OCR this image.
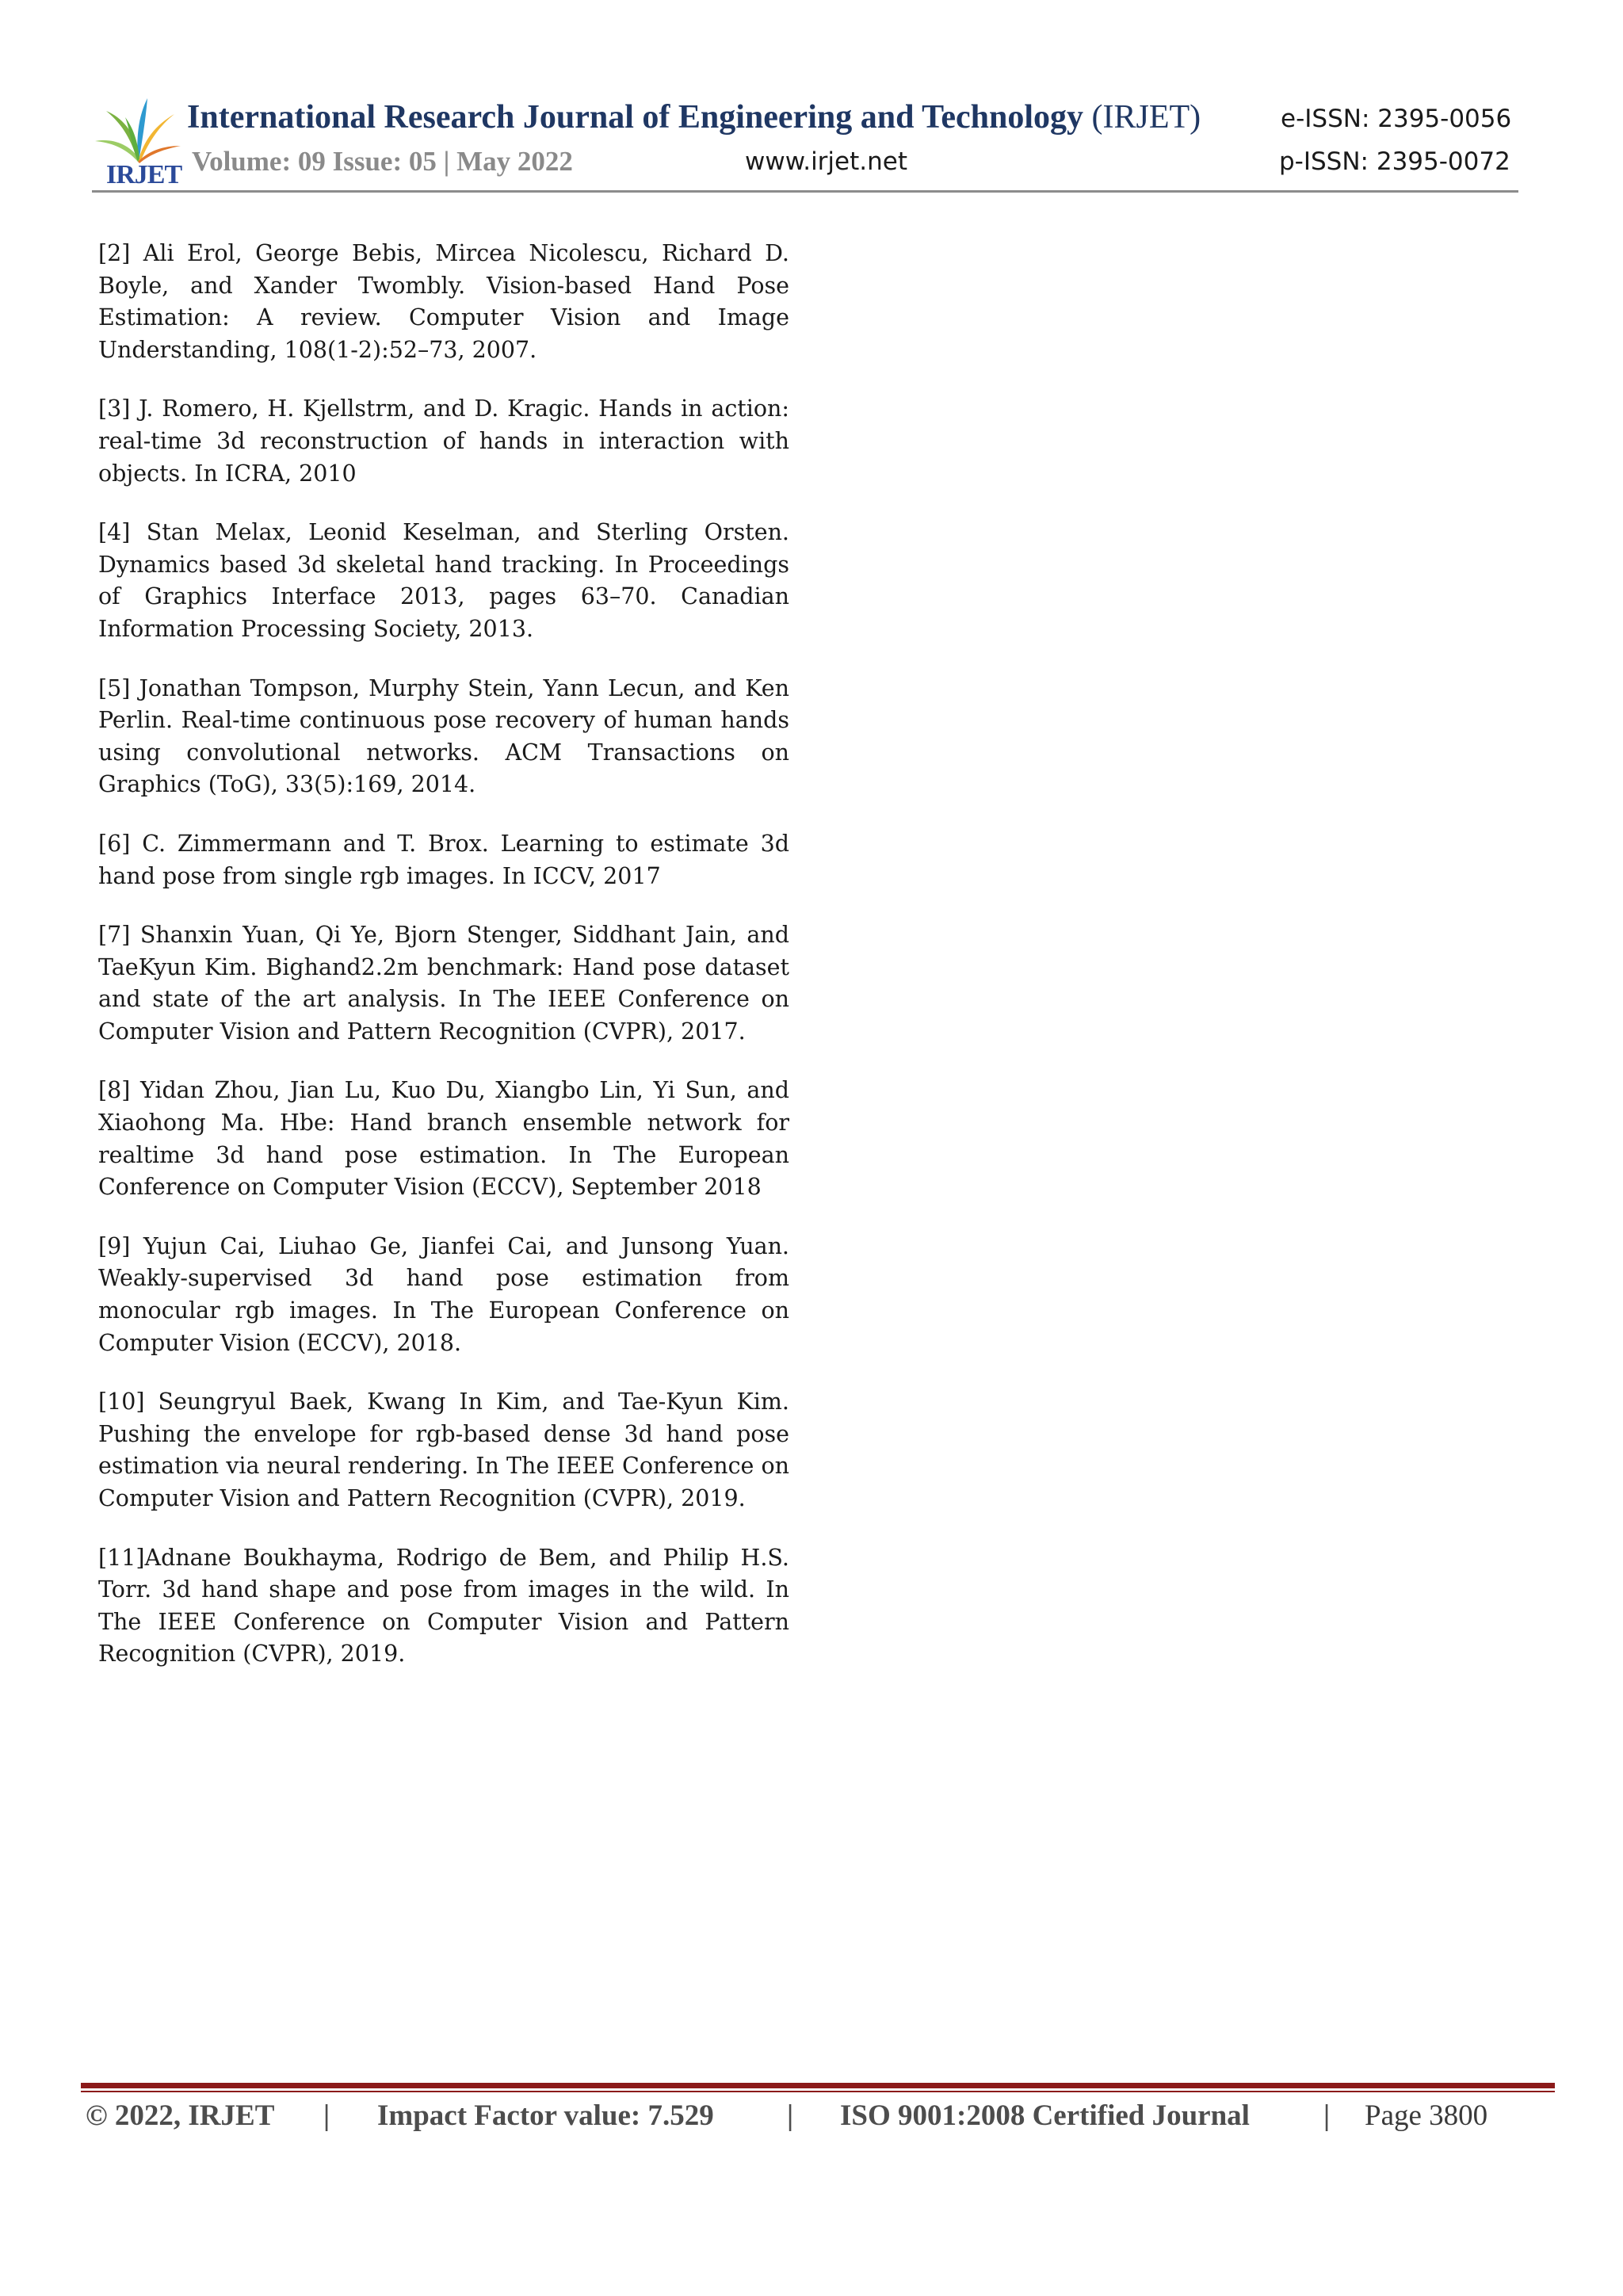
IRJET
International Research Journal of Engineering and Technology (IRJET)	e-ISSN: 2395-0056
Volume: 09 Issue: 05 | May 2022	www.irjet.net	p-ISSN: 2395-0072

[2] Ali Erol, George Bebis, Mircea Nicolescu, Richard D. Boyle, and Xander Twombly. Vision-based Hand Pose Estimation: A review. Computer Vision and Image Understanding, 108(1-2):52–73, 2007.

[3] J. Romero, H. Kjellstrm, and D. Kragic. Hands in action: real-time 3d reconstruction of hands in interaction with objects. In ICRA, 2010

[4] Stan Melax, Leonid Keselman, and Sterling Orsten. Dynamics based 3d skeletal hand tracking. In Proceedings of Graphics Interface 2013, pages 63–70. Canadian Information Processing Society, 2013.

[5] Jonathan Tompson, Murphy Stein, Yann Lecun, and Ken Perlin. Real-time continuous pose recovery of human hands using convolutional networks. ACM Transactions on Graphics (ToG), 33(5):169, 2014.

[6] C. Zimmermann and T. Brox. Learning to estimate 3d hand pose from single rgb images. In ICCV, 2017

[7] Shanxin Yuan, Qi Ye, Bjorn Stenger, Siddhant Jain, and TaeKyun Kim. Bighand2.2m benchmark: Hand pose dataset and state of the art analysis. In The IEEE Conference on Computer Vision and Pattern Recognition (CVPR), 2017.

[8] Yidan Zhou, Jian Lu, Kuo Du, Xiangbo Lin, Yi Sun, and Xiaohong Ma. Hbe: Hand branch ensemble network for realtime 3d hand pose estimation. In The European Conference on Computer Vision (ECCV), September 2018

[9] Yujun Cai, Liuhao Ge, Jianfei Cai, and Junsong Yuan. Weakly-supervised 3d hand pose estimation from monocular rgb images. In The European Conference on Computer Vision (ECCV), 2018.

[10] Seungryul Baek, Kwang In Kim, and Tae-Kyun Kim. Pushing the envelope for rgb-based dense 3d hand pose estimation via neural rendering. In The IEEE Conference on Computer Vision and Pattern Recognition (CVPR), 2019.

[11]Adnane Boukhayma, Rodrigo de Bem, and Philip H.S. Torr. 3d hand shape and pose from images in the wild. In The IEEE Conference on Computer Vision and Pattern Recognition (CVPR), 2019.

© 2022, IRJET | Impact Factor value: 7.529 | ISO 9001:2008 Certified Journal	| Page 3800
